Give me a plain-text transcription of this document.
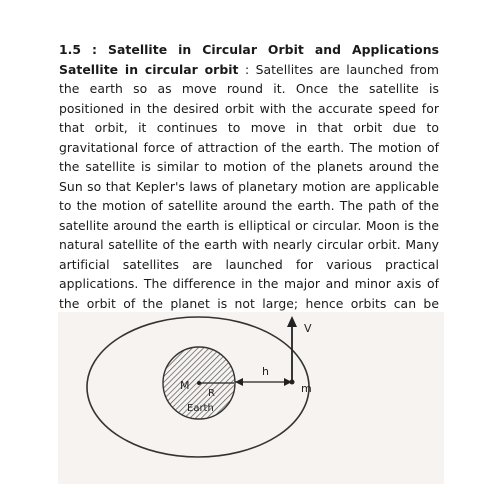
1.5 : Satellite in Circular Orbit and Applications Satellite in circular orbit : Satellites are launched from the earth so as move round it. Once the satellite is positioned in the desired orbit with the accurate speed for that orbit, it continues to move in that orbit due to gravitational force of attraction of the earth. The motion of the satellite is similar to motion of the planets around the Sun so that Kepler's laws of planetary motion are applicable to the motion of satellite around the earth. The path of the satellite around the earth is elliptical or circular. Moon is the natural satellite of the earth with nearly circular orbit. Many artificial satellites are launched for various practical applications. The difference in the major and minor axis of the orbit of the planet is not large; hence orbits can be
V
M
R
h
m
Earth
